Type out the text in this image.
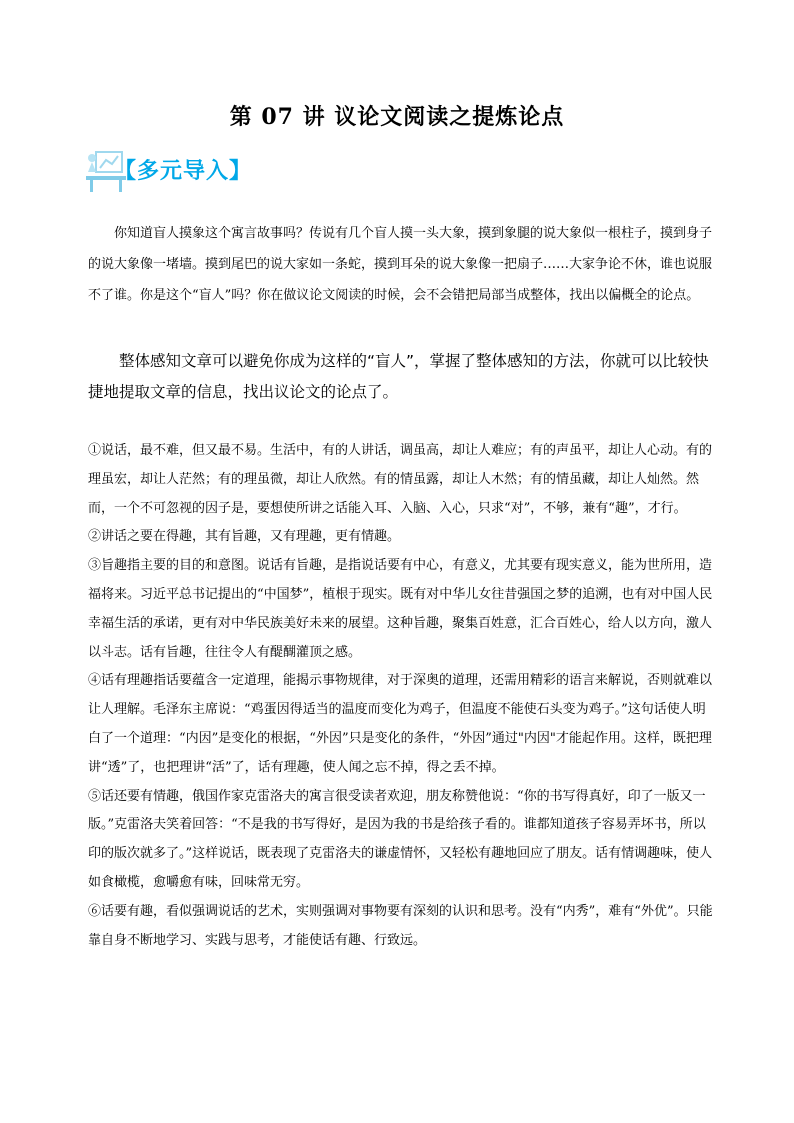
第 07 讲 议论文阅读之提炼论点
【多元导入】
你知道盲人摸象这个寓言故事吗？传说有几个盲人摸一头大象，摸到象腿的说大象似一根柱子，摸到身子的说大象像一堵墙。摸到尾巴的说大家如一条蛇，摸到耳朵的说大象像一把扇子……大家争论不休，谁也说服不了谁。你是这个“盲人”吗？你在做议论文阅读的时候，会不会错把局部当成整体，找出以偏概全的论点。
整体感知文章可以避免你成为这样的“盲人”，掌握了整体感知的方法，你就可以比较快捷地提取文章的信息，找出议论文的论点了。

①说话，最不难，但又最不易。生活中，有的人讲话，调虽高，却让人难应；有的声虽平，却让人心动。有的理虽宏，却让人茫然；有的理虽微，却让人欣然。有的情虽露，却让人木然；有的情虽藏，却让人灿然。然而，一个不可忽视的因子是，要想使所讲之话能入耳、入脑、入心，只求“对”，不够，兼有“趣”，才行。

②讲话之要在得趣，其有旨趣，又有理趣，更有情趣。

③旨趣指主要的目的和意图。说话有旨趣，是指说话要有中心，有意义，尤其要有现实意义，能为世所用，造福将来。习近平总书记提出的“中国梦”，植根于现实。既有对中华儿女往昔强国之梦的追溯，也有对中国人民幸福生活的承诺，更有对中华民族美好未来的展望。这种旨趣，聚集百姓意，汇合百姓心，给人以方向，激人以斗志。话有旨趣，往往令人有醍醐灌顶之感。

④话有理趣指话要蕴含一定道理，能揭示事物规律，对于深奥的道理，还需用精彩的语言来解说，否则就难以让人理解。毛泽东主席说：“鸡蛋因得适当的温度而变化为鸡子，但温度不能使石头变为鸡子。”这句话使人明白了一个道理：“内因”是变化的根据，“外因”只是变化的条件，“外因”通过"内因"才能起作用。这样，既把理讲“透”了，也把理讲“活”了，话有理趣，使人闻之忘不掉，得之丢不掉。

⑤话还要有情趣，俄国作家克雷洛夫的寓言很受读者欢迎，朋友称赞他说：“你的书写得真好，印了一版又一版。”克雷洛夫笑着回答：“不是我的书写得好，是因为我的书是给孩子看的。谁都知道孩子容易弄坏书，所以印的版次就多了。”这样说话，既表现了克雷洛夫的谦虚情怀，又轻松有趣地回应了朋友。话有情调趣味，使人如食橄榄，愈嚼愈有味，回味常无穷。

⑥话要有趣，看似强调说话的艺术，实则强调对事物要有深刻的认识和思考。没有“内秀”，难有“外优”。只能靠自身不断地学习、实践与思考，才能使话有趣、行致远。
